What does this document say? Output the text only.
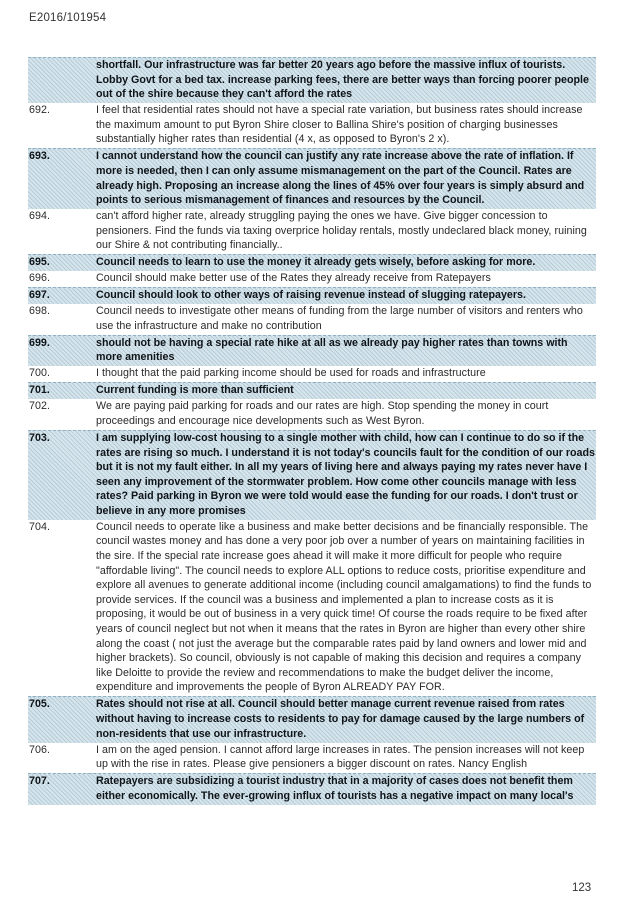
E2016/101954
shortfall. Our infrastructure was far better 20 years ago before the massive influx of tourists. Lobby Govt for a bed tax. increase parking fees, there are better ways than forcing poorer people out of the shire because they can't afford the rates
692.	I feel that residential rates should not have a special rate variation, but business rates should increase the maximum amount to put Byron Shire closer to Ballina Shire's position of charging businesses substantially higher rates than residential (4 x, as opposed to Byron's 2 x).
693.	I cannot understand how the council can justify any rate increase above the rate of inflation. If more is needed, then I can only assume mismanagement on the part of the Council. Rates are already high. Proposing an increase along the lines of 45% over four years is simply absurd and points to serious mismanagement of finances and resources by the Council.
694.	can't afford higher rate, already struggling paying the ones we have. Give bigger concession to pensioners. Find the funds via taxing overprice holiday rentals, mostly undeclared black money, ruining our Shire & not contributing financially..
695.	Council needs to learn to use the money it already gets wisely, before asking for more.
696.	Council should make better use of the Rates they already receive from Ratepayers
697.	Council should look to other ways of raising revenue instead of slugging ratepayers.
698.	Council needs to investigate other means of funding from the large number of visitors and renters who use the infrastructure and make no contribution
699.	should not be having a special rate hike at all as we already pay higher rates than towns with more amenities
700.	I thought that the paid parking income should be used for roads and infrastructure
701.	Current funding is more than sufficient
702.	We are paying paid parking for roads and our rates are high. Stop spending the money in court proceedings and encourage nice developments such as West Byron.
703.	I am supplying low-cost housing to a single mother with child, how can I continue to do so if the rates are rising so much. I understand it is not today's councils fault for the condition of our roads but it is not my fault either. In all my years of living here and always paying my rates never have I seen any improvement of the stormwater problem. How come other councils manage with less rates? Paid parking in Byron we were told would ease the funding for our roads. I don't trust or believe in any more promises
704.	Council needs to operate like a business and make better decisions and be financially responsible. The council wastes money and has done a very poor job over a number of years on maintaining facilities in the sire. If the special rate increase goes ahead it will make it more difficult for people who require "affordable living". The council needs to explore ALL options to reduce costs, prioritise expenditure and explore all avenues to generate additional income (including council amalgamations) to find the funds to provide services. If the council was a business and implemented a plan to increase costs as it is proposing, it would be out of business in a very quick time! Of course the roads require to be fixed after years of council neglect but not when it means that the rates in Byron are higher than every other shire along the coast ( not just the average but the comparable rates paid by land owners and lower mid and higher brackets). So council, obviously is not capable of making this decision and requires a company like Deloitte to provide the review and recommendations to make the budget deliver the income, expenditure and improvements the people of Byron ALREADY PAY FOR.
705.	Rates should not rise at all. Council should better manage current revenue raised from rates without having to increase costs to residents to pay for damage caused by the large numbers of non-residents that use our infrastructure.
706.	I am on the aged pension. I cannot afford large increases in rates. The pension increases will not keep up with the rise in rates. Please give pensioners a bigger discount on rates. Nancy English
707.	Ratepayers are subsidizing a tourist industry that in a majority of cases does not benefit them either economically. The ever-growing influx of tourists has a negative impact on many local's
123
